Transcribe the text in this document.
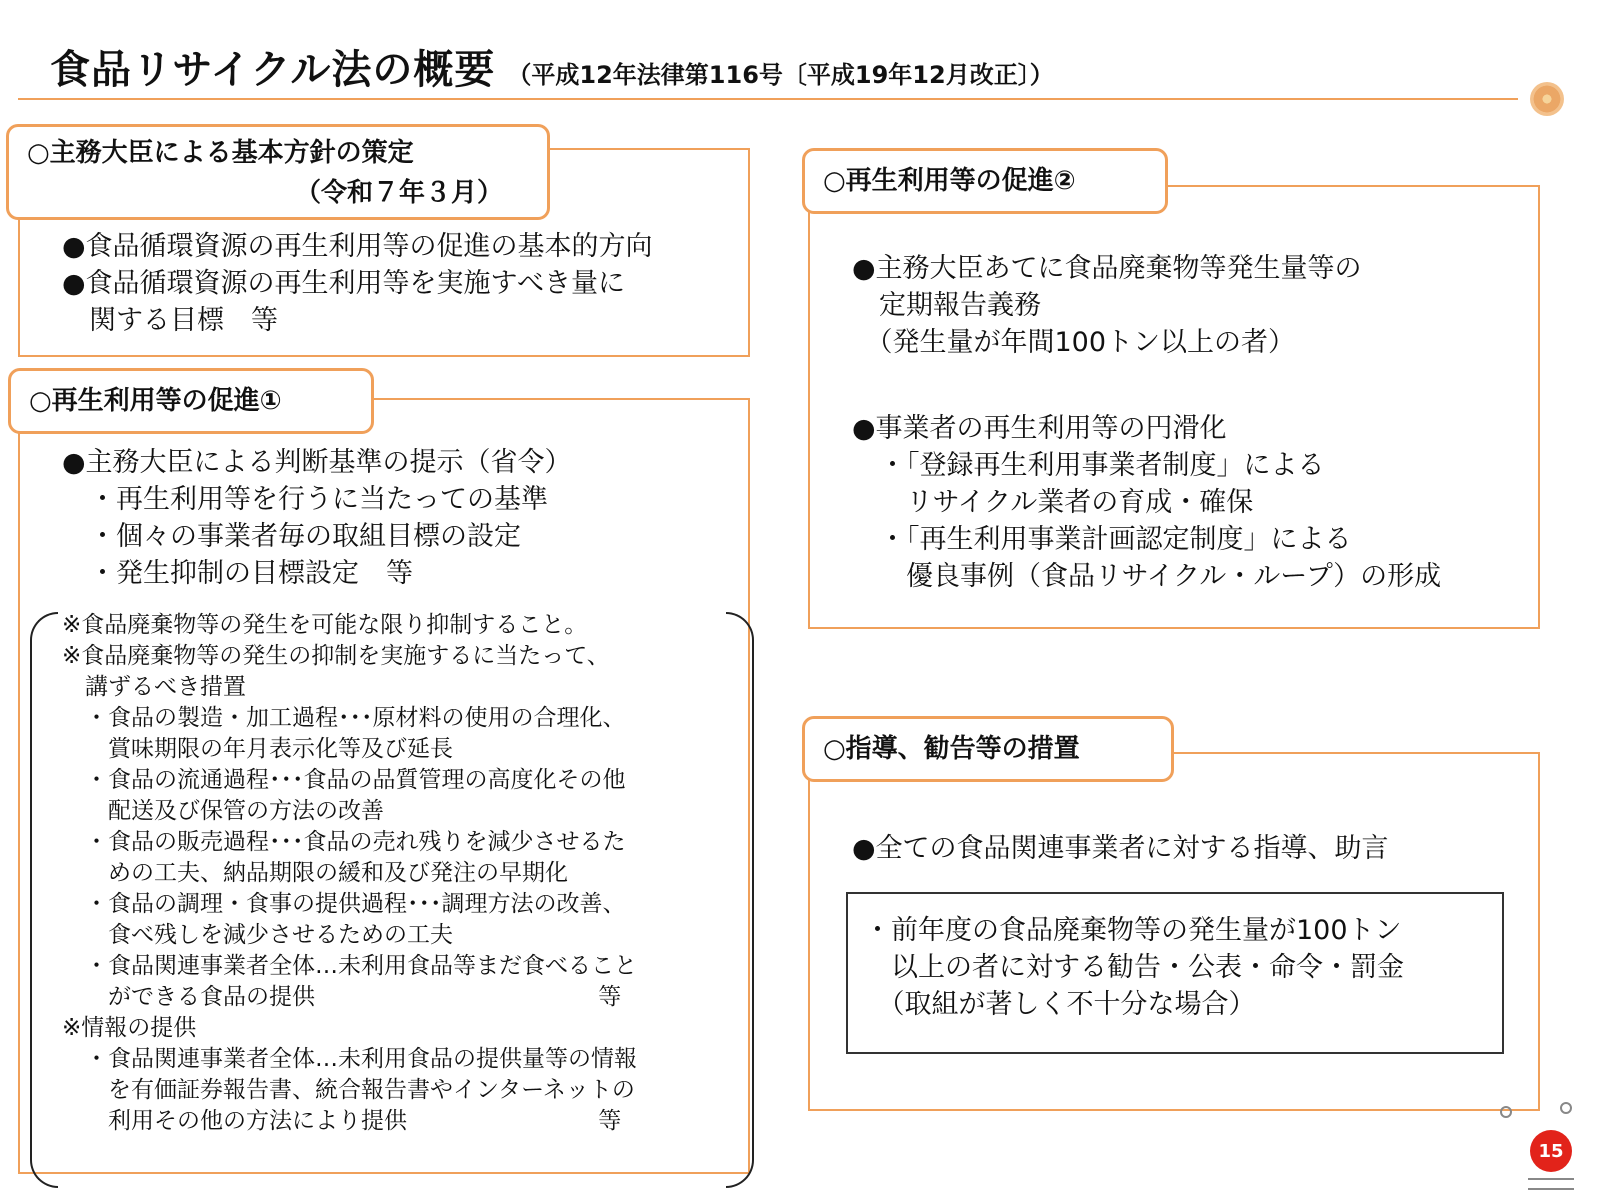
食品リサイクル法の概要 （平成12年法律第116号〔平成19年12月改正〕）
○主務大臣による基本方針の策定
（令和７年３月）
●食品循環資源の再生利用等の促進の基本的方向
●食品循環資源の再生利用等を実施すべき量に
　関する目標　等
○再生利用等の促進①
●主務大臣による判断基準の提示（省令）
　・再生利用等を行うに当たっての基準
　・個々の事業者毎の取組目標の設定
　・発生抑制の目標設定　等
※食品廃棄物等の発生を可能な限り抑制すること。
※食品廃棄物等の発生の抑制を実施するに当たって、
　講ずるべき措置
　・食品の製造・加工過程･･･原材料の使用の合理化、
　　賞味期限の年月表示化等及び延長
　・食品の流通過程･･･食品の品質管理の高度化その他
　　配送及び保管の方法の改善
　・食品の販売過程･･･食品の売れ残りを減少させるた
　　めの工夫、納品期限の緩和及び発注の早期化
　・食品の調理・食事の提供過程･･･調理方法の改善、
　　食べ残しを減少させるための工夫
　・食品関連事業者全体…未利用食品等まだ食べること
　　ができる食品の提供　　　　　　　　　　　　 等
※情報の提供
　・食品関連事業者全体…未利用食品の提供量等の情報
　　を有価証券報告書、統合報告書やインターネットの
　　利用その他の方法により提供　　　　　　　　 等
○再生利用等の促進②
●主務大臣あてに食品廃棄物等発生量等の
　定期報告義務
　（発生量が年間100トン以上の者）
●事業者の再生利用等の円滑化
　・「登録再生利用事業者制度」による
　　リサイクル業者の育成・確保
　・「再生利用事業計画認定制度」による
　　優良事例（食品リサイクル・ループ）の形成
○指導、勧告等の措置
●全ての食品関連事業者に対する指導、助言
・前年度の食品廃棄物等の発生量が100トン
　以上の者に対する勧告・公表・命令・罰金
　（取組が著しく不十分な場合）
15
